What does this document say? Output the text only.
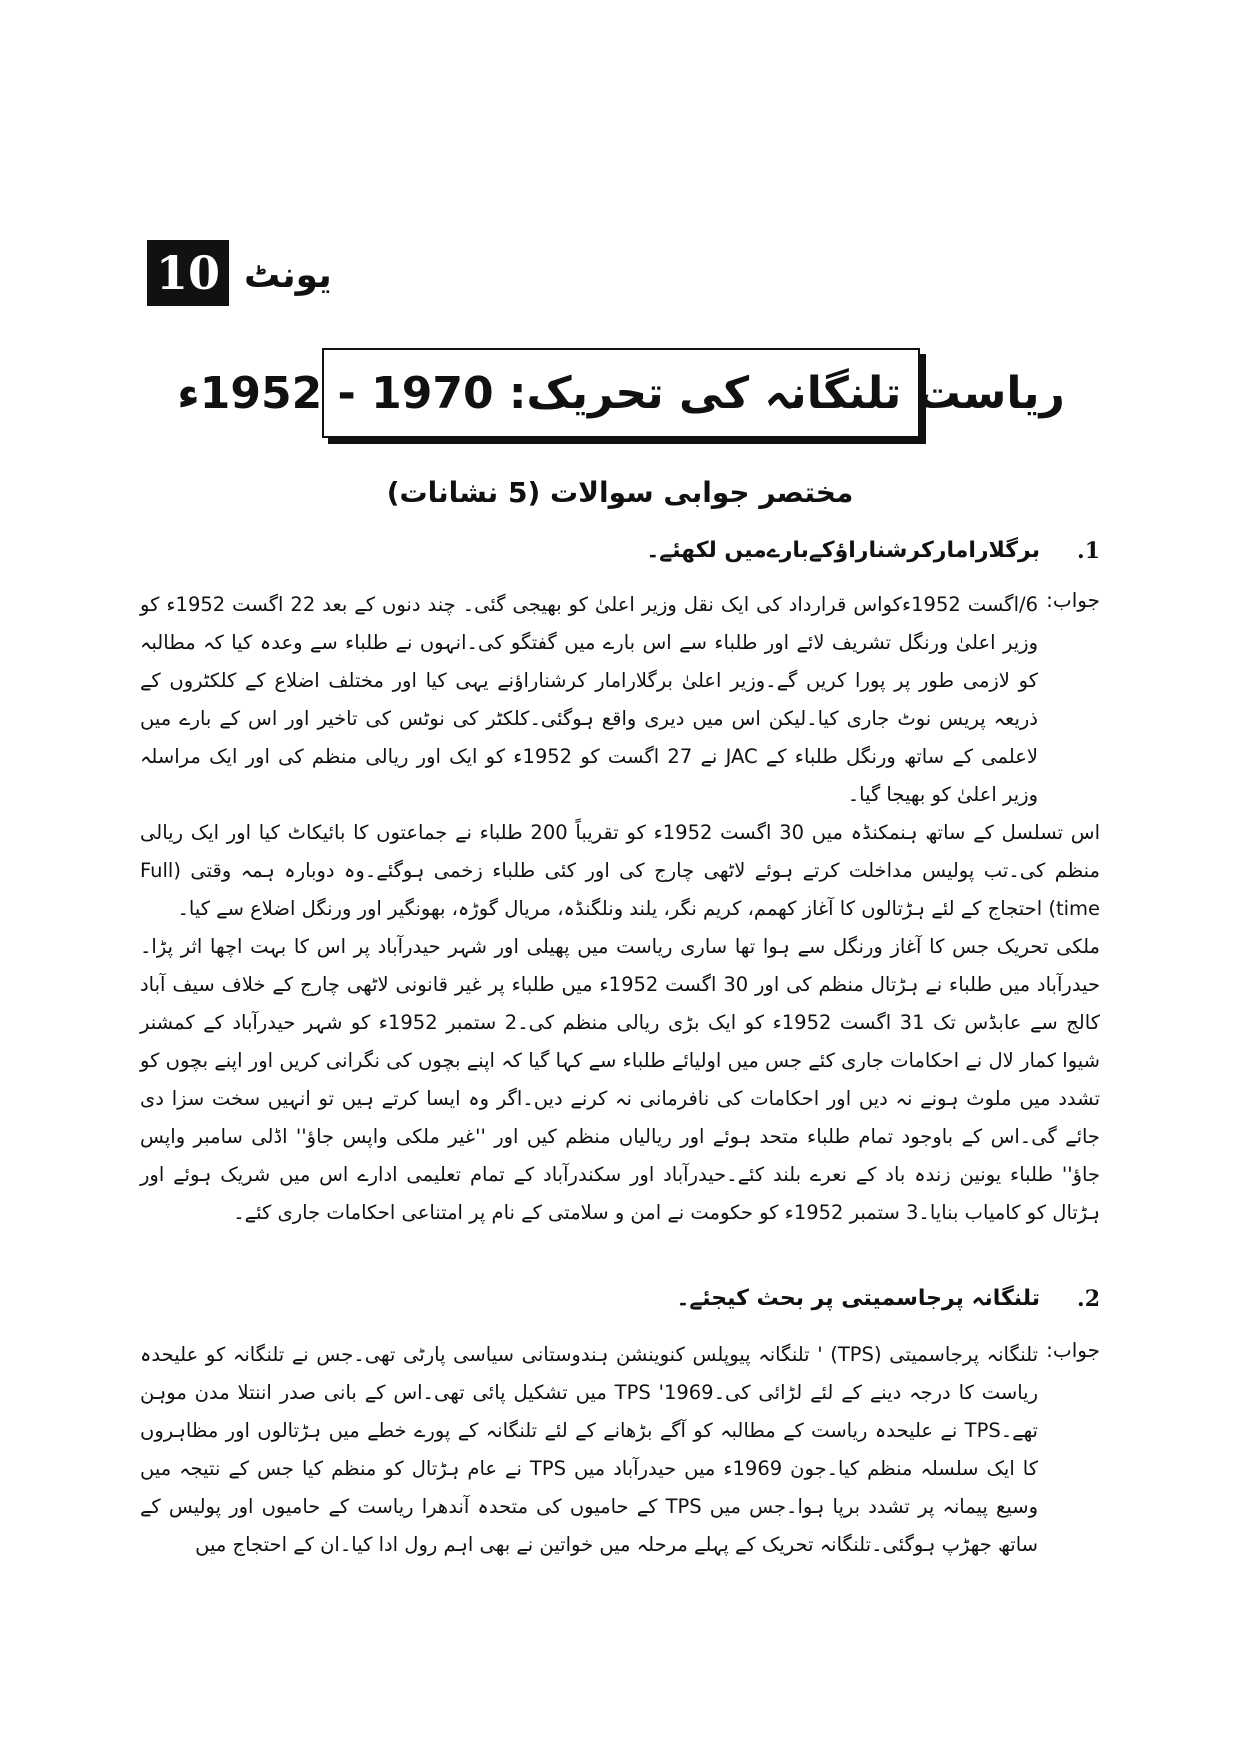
10 یونٹ
ریاست تلنگانہ کی تحریک: 1970 - 1952ء
مختصر جوابی سوالات (5 نشانات)
1.
برگلارامارکرشناراؤکےبارےمیں لکھئے۔
جواب:

6/اگست 1952ءکواس قرارداد کی ایک نقل وزیر اعلیٰ کو بھیجی گئی۔ چند دنوں کے بعد 22 اگست 1952ء کو وزیر اعلیٰ ورنگل تشریف لائے اور طلباء سے اس بارے میں گفتگو کی۔انہوں نے طلباء سے وعدہ کیا کہ مطالبہ کو لازمی طور پر پورا کریں گے۔وزیر اعلیٰ برگلارامار کرشناراؤنے یہی کیا اور مختلف اضلاع کے کلکٹروں کے ذریعہ پریس نوٹ جاری کیا۔لیکن اس میں دیری واقع ہوگئی۔کلکٹر کی نوٹس کی تاخیر اور اس کے بارے میں لاعلمی کے ساتھ ورنگل طلباء کے JAC نے 27 اگست کو 1952ء کو ایک اور ریالی منظم کی اور ایک مراسلہ وزیر اعلیٰ کو بھیجا گیا۔

اس تسلسل کے ساتھ ہنمکنڈہ میں 30 اگست 1952ء کو تقریباً 200 طلباء نے جماعتوں کا بائیکاٹ کیا اور ایک ریالی منظم کی۔تب پولیس مداخلت کرتے ہوئے لاٹھی چارج کی اور کئی طلباء زخمی ہوگئے۔وہ دوبارہ ہمہ وقتی (Full time) احتجاج کے لئے ہڑتالوں کا آغاز کھمم، کریم نگر، یلند ونلگنڈہ، مریال گوڑہ، بھونگیر اور ورنگل اضلاع سے کیا۔

ملکی تحریک جس کا آغاز ورنگل سے ہوا تھا ساری ریاست میں پھیلی اور شہر حیدرآباد پر اس کا بہت اچھا اثر پڑا۔حیدرآباد میں طلباء نے ہڑتال منظم کی اور 30 اگست 1952ء میں طلباء پر غیر قانونی لاٹھی چارج کے خلاف سیف آباد کالج سے عابڈس تک 31 اگست 1952ء کو ایک بڑی ریالی منظم کی۔2 ستمبر 1952ء کو شہر حیدرآباد کے کمشنر شیوا کمار لال نے احکامات جاری کئے جس میں اولیائے طلباء سے کہا گیا کہ اپنے بچوں کی نگرانی کریں اور اپنے بچوں کو تشدد میں ملوث ہونے نہ دیں اور احکامات کی نافرمانی نہ کرنے دیں۔اگر وہ ایسا کرتے ہیں تو انہیں سخت سزا دی جائے گی۔اس کے باوجود تمام طلباء متحد ہوئے اور ریالیاں منظم کیں اور ''غیر ملکی واپس جاؤ'' اڈلی سامبر واپس جاؤ'' طلباء یونین زندہ باد کے نعرے بلند کئے۔حیدرآباد اور سکندرآباد کے تمام تعلیمی ادارے اس میں شریک ہوئے اور ہڑتال کو کامیاب بنایا۔3 ستمبر 1952ء کو حکومت نے امن و سلامتی کے نام پر امتناعی احکامات جاری کئے۔

2.
تلنگانہ پرجاسمیتی پر بحث کیجئے۔
جواب:

تلنگانہ پرجاسمیتی (TPS) ' تلنگانہ پیوپلس کنوینشن ہندوستانی سیاسی پارٹی تھی۔جس نے تلنگانہ کو علیحدہ ریاست کا درجہ دینے کے لئے لڑائی کی۔TPS '1969 میں تشکیل پائی تھی۔اس کے بانی صدر اننتلا مدن موہن تھے۔TPS نے علیحدہ ریاست کے مطالبہ کو آگے بڑھانے کے لئے تلنگانہ کے پورے خطے میں ہڑتالوں اور مظاہروں کا ایک سلسلہ منظم کیا۔جون 1969ء میں حیدرآباد میں TPS نے عام ہڑتال کو منظم کیا جس کے نتیجہ میں وسیع پیمانہ پر تشدد برپا ہوا۔جس میں TPS کے حامیوں کی متحدہ آندھرا ریاست کے حامیوں اور پولیس کے ساتھ جھڑپ ہوگئی۔تلنگانہ تحریک کے پہلے مرحلہ میں خواتین نے بھی اہم رول ادا کیا۔ان کے احتجاج میں
